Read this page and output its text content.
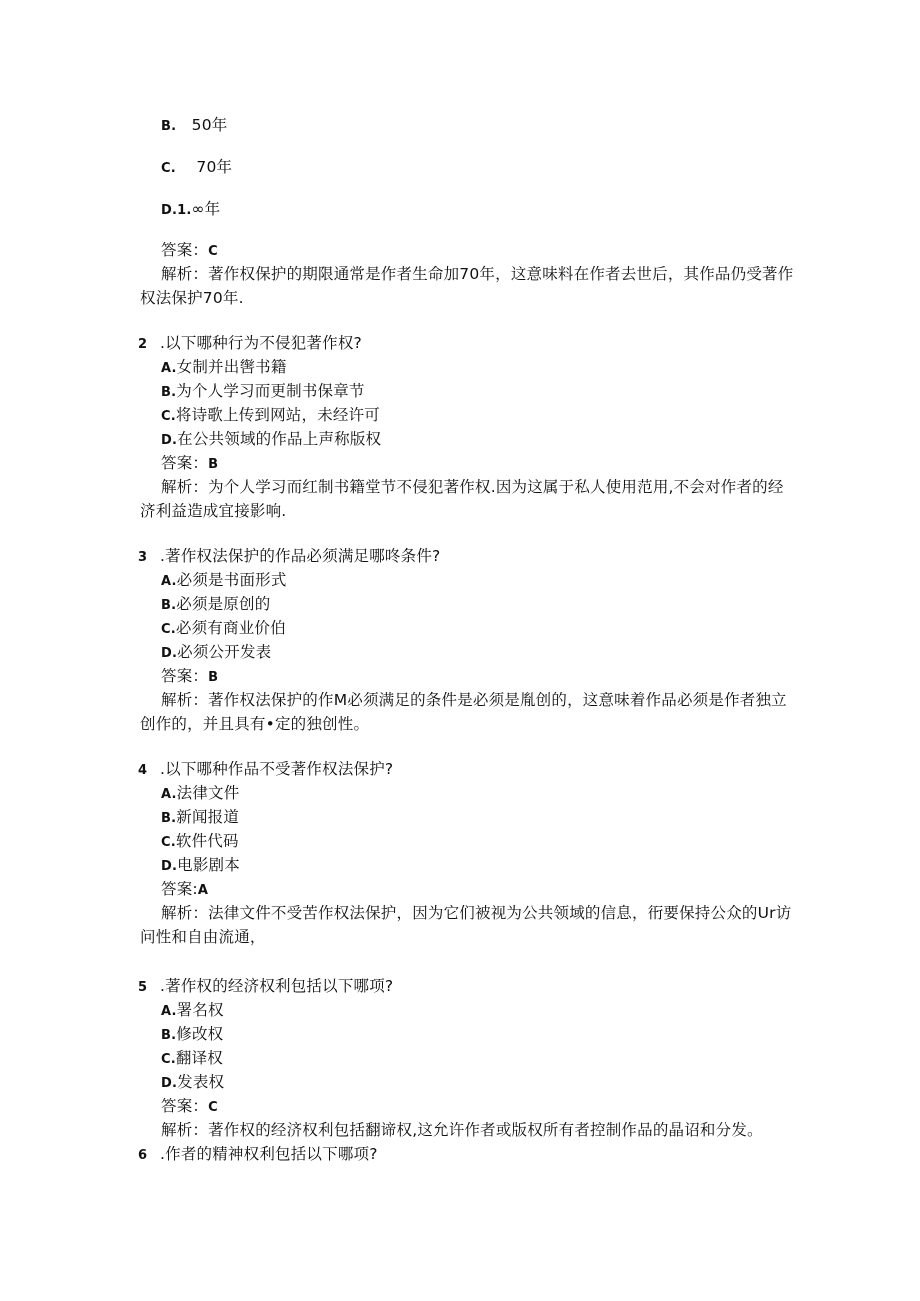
B. 50年
C. 70年
D.1.∞年
答案：C
解析：著作权保护的期限通常是作者生命加70年，这意味料在作者去世后，其作品仍受著作
权法保护70年.
2 .以下哪种行为不侵犯著作权?
A.女制并出辔书籍
B.为个人学习而更制书保章节
C.将诗歌上传到网站，未经许可
D.在公共领域的作品上声称版权
答案：B
解析：为个人学习而红制书籍堂节不侵犯著作权.因为这属于私人使用范用,不会对作者的经
济利益造成宜接影响.
3 .著作权法保护的作品必须满足哪咚条件?
A.必须是书面形式
B.必须是原创的
C.必须有商业价伯
D.必须公开发表
答案：B
解析：著作权法保护的作M必须满足的条件是必须是胤创的，这意味着作品必须是作者独立
创作的，并且具有•定的独创性。
4 .以下哪种作品不受著作权法保护?
A.法律文件
B.新闻报道
C.软件代码
D.电影剧本
答案:A
解析：法律文件不受苦作权法保护，因为它们被视为公共领域的信息，衎要保持公众的Ur访
问性和自由流通，
5 .著作权的经济权利包括以下哪项?
A.署名权
B.修改权
C.翻译权
D.发表权
答案：C
解析：著作权的经济权利包括翻谛权,这允许作者或版权所有者控制作品的晶诏和分发。
6 .作者的精神权利包括以下哪项?
